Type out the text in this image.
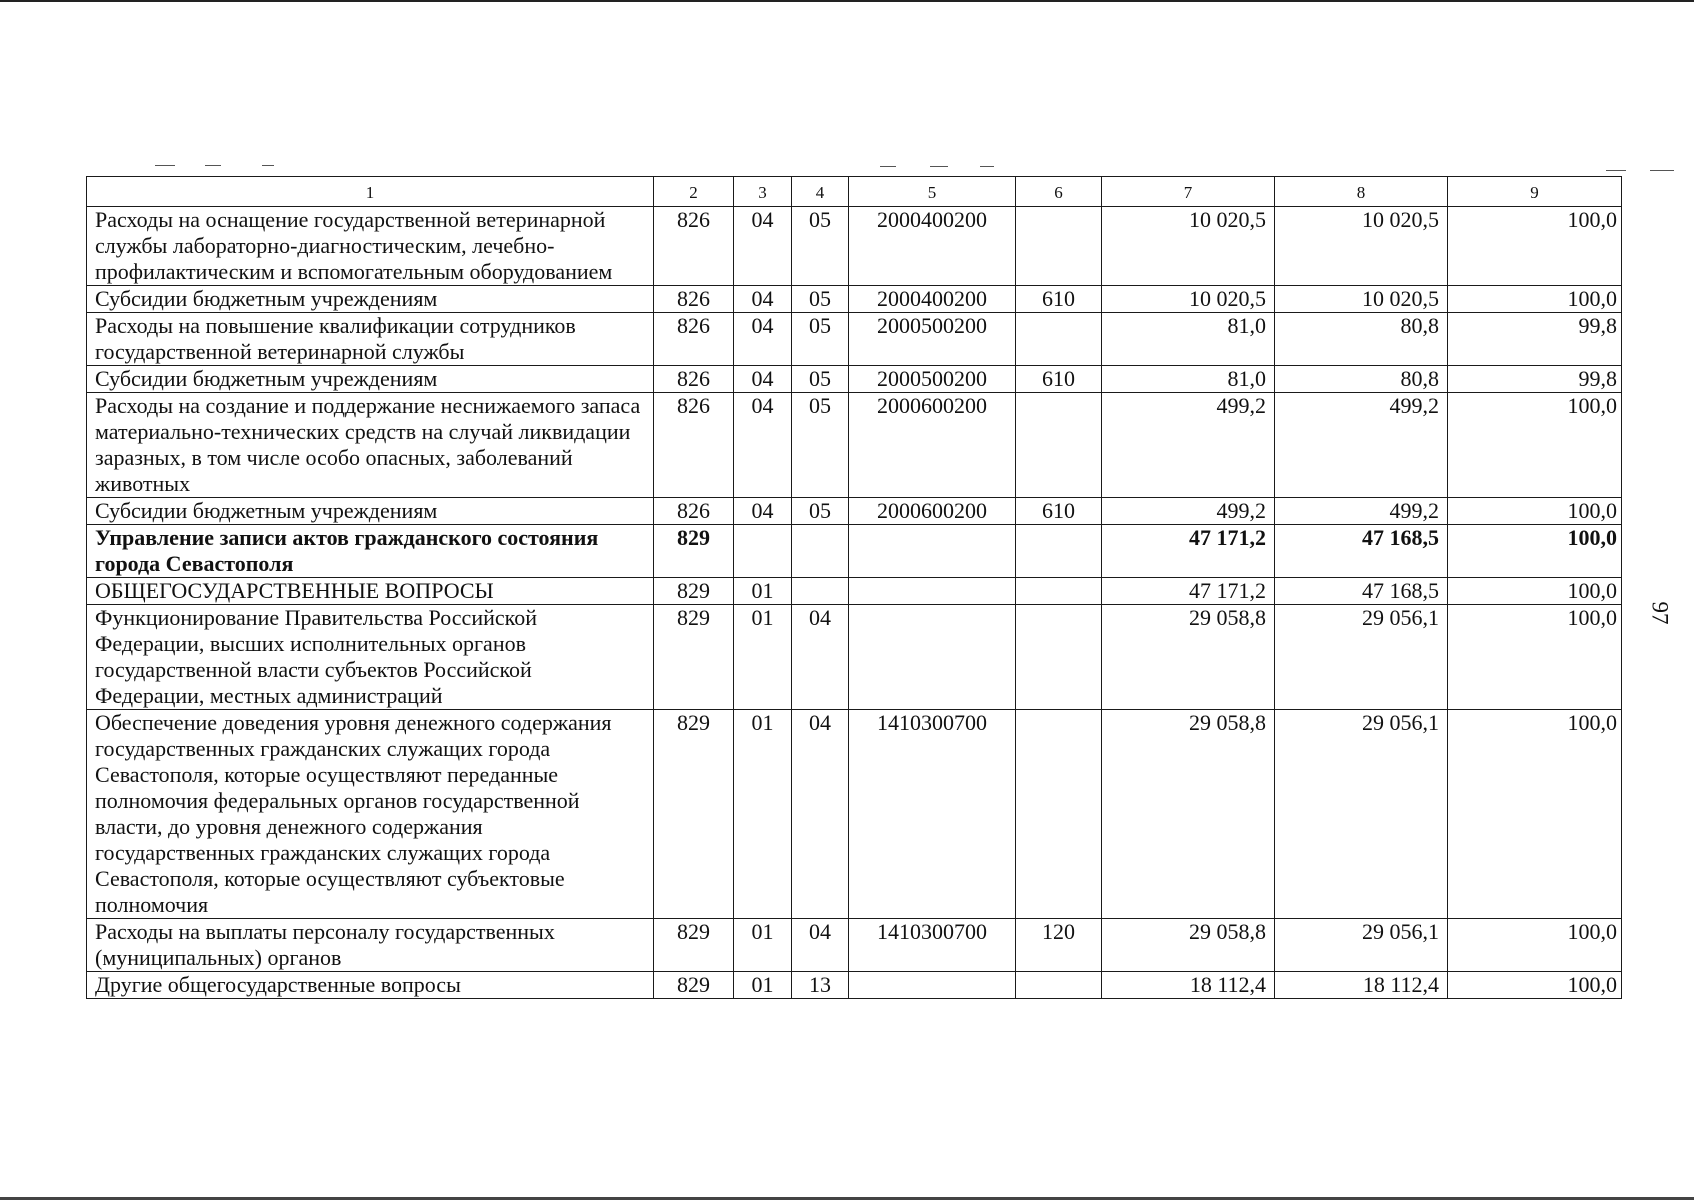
1	2	3	4	5	6	7	8	9
Расходы на оснащение государственной ветеринарной службы лабораторно-диагностическим, лечебно-профилактическим и вспомогательным оборудованием	826	04	05	2000400200		10 020,5	10 020,5	100,0
Субсидии бюджетным учреждениям	826	04	05	2000400200	610	10 020,5	10 020,5	100,0
Расходы на повышение квалификации сотрудников государственной ветеринарной службы	826	04	05	2000500200		81,0	80,8	99,8
Субсидии бюджетным учреждениям	826	04	05	2000500200	610	81,0	80,8	99,8
Расходы на создание и поддержание неснижаемого запаса материально-технических средств на случай ликвидации заразных, в том числе особо опасных, заболеваний животных	826	04	05	2000600200		499,2	499,2	100,0
Субсидии бюджетным учреждениям	826	04	05	2000600200	610	499,2	499,2	100,0
Управление записи актов гражданского состояния города Севастополя	829					47 171,2	47 168,5	100,0
ОБЩЕГОСУДАРСТВЕННЫЕ ВОПРОСЫ	829	01				47 171,2	47 168,5	100,0
Функционирование Правительства Российской Федерации, высших исполнительных органов государственной власти субъектов Российской Федерации, местных администраций	829	01	04			29 058,8	29 056,1	100,0
Обеспечение доведения уровня денежного содержания государственных гражданских служащих города Севастополя, которые осуществляют переданные полномочия федеральных органов государственной власти, до уровня денежного содержания государственных гражданских служащих города Севастополя, которые осуществляют субъектовые полномочия	829	01	04	1410300700		29 058,8	29 056,1	100,0
Расходы на выплаты персоналу государственных (муниципальных) органов	829	01	04	1410300700	120	29 058,8	29 056,1	100,0
Другие общегосударственные вопросы	829	01	13			18 112,4	18 112,4	100,0
97
